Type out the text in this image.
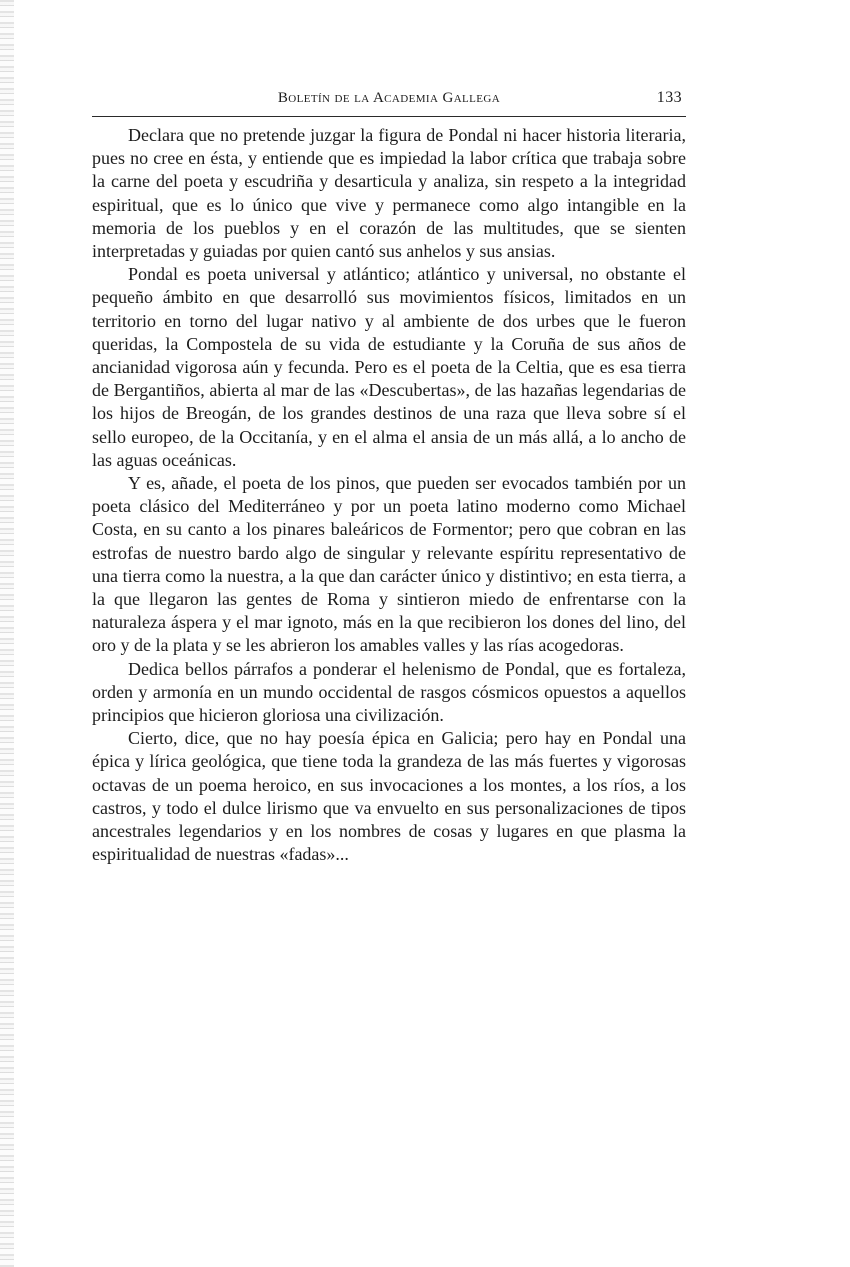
Boletín de la Academia Gallega	133

Declara que no pretende juzgar la figura de Pondal ni hacer historia literaria, pues no cree en ésta, y entiende que es impiedad la labor crítica que trabaja sobre la carne del poeta y escudriña y desarticula y analiza, sin respeto a la integridad espiritual, que es lo único que vive y permanece como algo intangible en la memoria de los pueblos y en el corazón de las multitudes, que se sienten interpretadas y guiadas por quien cantó sus anhelos y sus ansias.

Pondal es poeta universal y atlántico; atlántico y universal, no obstante el pequeño ámbito en que desarrolló sus movimientos físicos, limitados en un territorio en torno del lugar nativo y al ambiente de dos urbes que le fueron queridas, la Compostela de su vida de estudiante y la Coruña de sus años de ancianidad vigorosa aún y fecunda. Pero es el poeta de la Celtia, que es esa tierra de Bergantiños, abierta al mar de las «Descubertas», de las hazañas legendarias de los hijos de Breogán, de los grandes destinos de una raza que lleva sobre sí el sello europeo, de la Occitanía, y en el alma el ansia de un más allá, a lo ancho de las aguas oceánicas.

Y es, añade, el poeta de los pinos, que pueden ser evocados también por un poeta clásico del Mediterráneo y por un poeta latino moderno como Michael Costa, en su canto a los pinares baleáricos de Formentor; pero que cobran en las estrofas de nuestro bardo algo de singular y relevante espíritu representativo de una tierra como la nuestra, a la que dan carácter único y distintivo; en esta tierra, a la que llegaron las gentes de Roma y sintieron miedo de enfrentarse con la naturaleza áspera y el mar ignoto, más en la que recibieron los dones del lino, del oro y de la plata y se les abrieron los amables valles y las rías acogedoras.

Dedica bellos párrafos a ponderar el helenismo de Pondal, que es fortaleza, orden y armonía en un mundo occidental de rasgos cósmicos opuestos a aquellos principios que hicieron gloriosa una civilización.

Cierto, dice, que no hay poesía épica en Galicia; pero hay en Pondal una épica y lírica geológica, que tiene toda la grandeza de las más fuertes y vigorosas octavas de un poema heroico, en sus invocaciones a los montes, a los ríos, a los castros, y todo el dulce lirismo que va envuelto en sus personalizaciones de tipos ancestrales legendarios y en los nombres de cosas y lugares en que plasma la espiritualidad de nuestras «fadas»...
